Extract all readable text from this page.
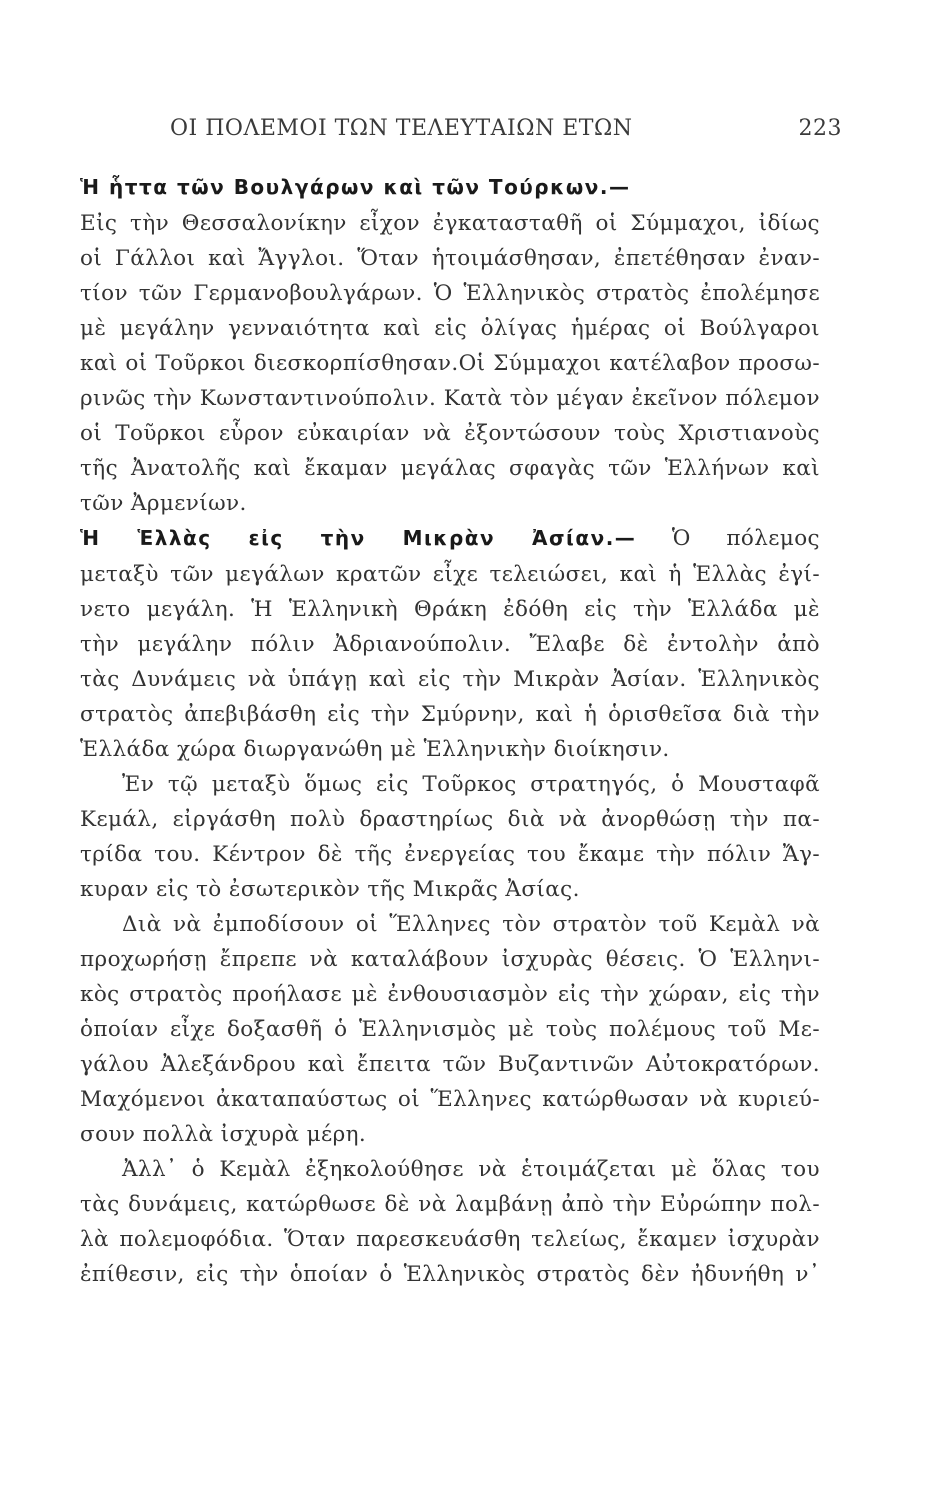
ΟΙ ΠΟΛΕΜΟΙ ΤΩΝ ΤΕΛΕΥΤΑΙΩΝ ΕΤΩΝ	223
Ἡ ἧττα τῶν Βουλγάρων καὶ τῶν Τούρκων.—
Εἰς τὴν Θεσσαλονίκην εἶχον ἐγκατασταθῆ οἱ Σύμμαχοι, ἰδίως
οἱ Γάλλοι καὶ Ἄγγλοι. Ὅταν ἡτοιμάσθησαν, ἐπετέθησαν ἐναν-
τίον τῶν Γερμανοβουλγάρων. Ὁ Ἑλληνικὸς στρατὸς ἐπολέμησε
μὲ μεγάλην γενναιότητα καὶ εἰς ὀλίγας ἡμέρας οἱ Βούλγαροι
καὶ οἱ Τοῦρκοι διεσκορπίσθησαν.Οἱ Σύμμαχοι κατέλαβον προσω-
ρινῶς τὴν Κωνσταντινούπολιν. Κατὰ τὸν μέγαν ἐκεῖνον πόλεμον
οἱ Τοῦρκοι εὗρον εὐκαιρίαν νὰ ἐξοντώσουν τοὺς Χριστιανοὺς
τῆς Ἀνατολῆς καὶ ἔκαμαν μεγάλας σφαγὰς τῶν Ἑλλήνων καὶ
τῶν Ἀρμενίων.
Ἡ Ἑλλὰς εἰς τὴν Μικρὰν Ἀσίαν.— Ὁ πόλεμος
μεταξὺ τῶν μεγάλων κρατῶν εἶχε τελειώσει, καὶ ἡ Ἑλλὰς ἐγί-
νετο μεγάλη. Ἡ Ἑλληνικὴ Θράκη ἐδόθη εἰς τὴν Ἑλλάδα μὲ
τὴν μεγάλην πόλιν Ἀδριανούπολιν. Ἔλαβε δὲ ἐντολὴν ἀπὸ
τὰς Δυνάμεις νὰ ὑπάγῃ καὶ εἰς τὴν Μικρὰν Ἀσίαν. Ἑλληνικὸς
στρατὸς ἀπεβιβάσθη εἰς τὴν Σμύρνην, καὶ ἡ ὁρισθεῖσα διὰ τὴν
Ἑλλάδα χώρα διωργανώθη μὲ Ἑλληνικὴν διοίκησιν.
Ἐν τῷ μεταξὺ ὅμως εἰς Τοῦρκος στρατηγός, ὁ Μουσταφᾶ
Κεμάλ, εἰργάσθη πολὺ δραστηρίως διὰ νὰ ἀνορθώσῃ τὴν πα-
τρίδα του. Κέντρον δὲ τῆς ἐνεργείας του ἔκαμε τὴν πόλιν Ἄγ-
κυραν εἰς τὸ ἐσωτερικὸν τῆς Μικρᾶς Ἀσίας.
Διὰ νὰ ἐμποδίσουν οἱ Ἕλληνες τὸν στρατὸν τοῦ Κεμὰλ νὰ
προχωρήσῃ ἔπρεπε νὰ καταλάβουν ἰσχυρὰς θέσεις. Ὁ Ἑλληνι-
κὸς στρατὸς προήλασε μὲ ἐνθουσιασμὸν εἰς τὴν χώραν, εἰς τὴν
ὁποίαν εἶχε δοξασθῆ ὁ Ἑλληνισμὸς μὲ τοὺς πολέμους τοῦ Με-
γάλου Ἀλεξάνδρου καὶ ἔπειτα τῶν Βυζαντινῶν Αὐτοκρατόρων.
Μαχόμενοι ἀκαταπαύστως οἱ Ἕλληνες κατώρθωσαν νὰ κυριεύ-
σουν πολλὰ ἰσχυρὰ μέρη.
Ἀλλ᾽ ὁ Κεμὰλ ἐξηκολούθησε νὰ ἑτοιμάζεται μὲ ὅλας του
τὰς δυνάμεις, κατώρθωσε δὲ νὰ λαμβάνῃ ἀπὸ τὴν Εὐρώπην πολ-
λὰ πολεμοφόδια. Ὅταν παρεσκευάσθη τελείως, ἔκαμεν ἰσχυρὰν
ἐπίθεσιν, εἰς τὴν ὁποίαν ὁ Ἑλληνικὸς στρατὸς δὲν ἠδυνήθη ν᾽
